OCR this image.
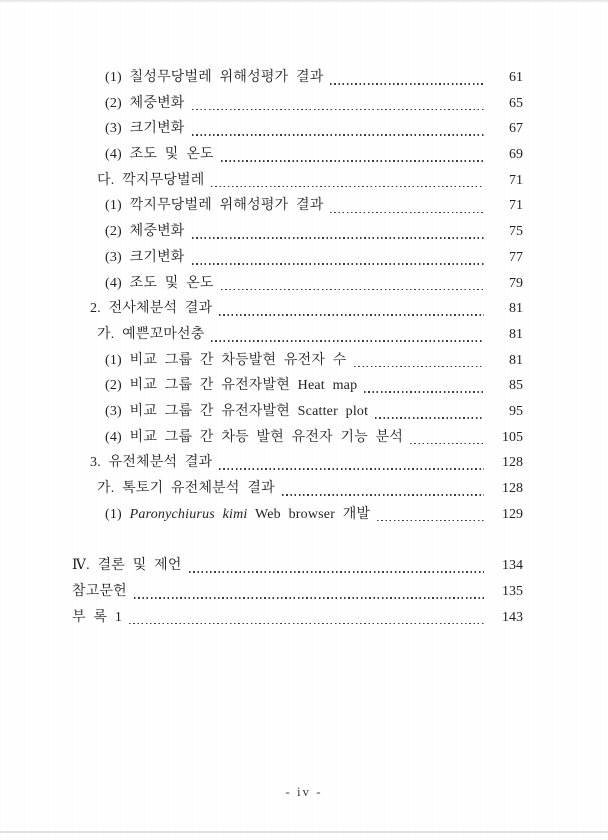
(1) 칠성무당벌레 위해성평가 결과	61
(2) 체중변화	65
(3) 크기변화	67
(4) 조도 및 온도	69
다. 깍지무당벌레	71
(1) 깍지무당벌레 위해성평가 결과	71
(2) 체중변화	75
(3) 크기변화	77
(4) 조도 및 온도	79
2. 전사체분석 결과	81
가. 예쁜꼬마선충	81
(1) 비교 그룹 간 차등발현 유전자 수	81
(2) 비교 그룹 간 유전자발현 Heat map	85
(3) 비교 그룹 간 유전자발현 Scatter plot	95
(4) 비교 그룹 간 차등 발현 유전자 기능 분석	105
3. 유전체분석 결과	128
가. 톡토기 유전체분석 결과	128
(1) Paronychiurus kimi Web browser 개발	129
Ⅳ. 결론 및 제언	134
참고문헌	135
부 록 1	143
- iv -
